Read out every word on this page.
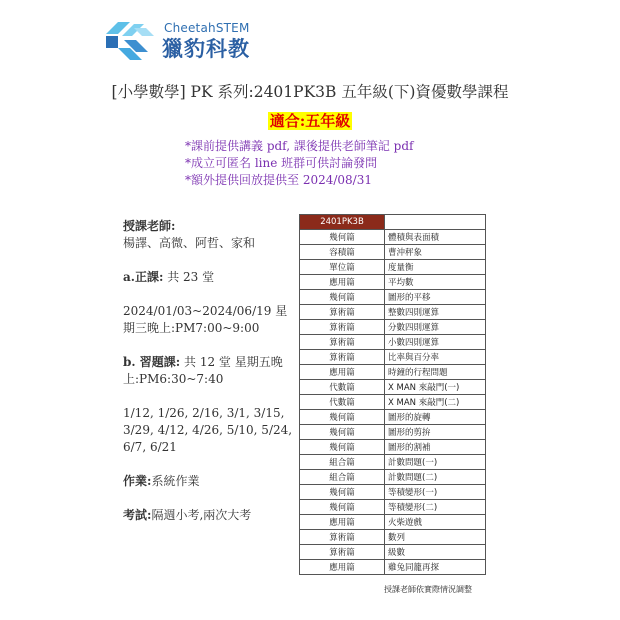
CheetahSTEM
獵豹科教
[小學數學] PK 系列:2401PK3B 五年級(下)資優數學課程
適合:五年級
*課前提供講義 pdf, 課後提供老師筆記 pdf
*成立可匿名 line 班群可供討論發問
*額外提供回放提供至 2024/08/31
授課老師:
楊譯、高微、阿哲、家和
a.正課: 共 23 堂
2024/01/03~2024/06/19 星期三晚上:PM7:00~9:00
b. 習題課: 共 12 堂 星期五晚上:PM6:30~7:40
1/12, 1/26, 2/16, 3/1, 3/15, 3/29, 4/12, 4/26, 5/10, 5/24, 6/7, 6/21
作業:系統作業
考試:隔週小考,兩次大考
2401PK3B	
幾何篇	體積與表面積
容積篇	曹沖秤象
單位篇	度量衡
應用篇	平均數
幾何篇	圖形的平移
算術篇	整數四則運算
算術篇	分數四則運算
算術篇	小數四則運算
算術篇	比率與百分率
應用篇	時鐘的行程問題
代數篇	X MAN 來敲門(一)
代數篇	X MAN 來敲門(二)
幾何篇	圖形的旋轉
幾何篇	圖形的剪拚
幾何篇	圖形的割補
組合篇	計數問題(一)
組合篇	計數問題(二)
幾何篇	等積變形(一)
幾何篇	等積變形(二)
應用篇	火柴遊戲
算術篇	數列
算術篇	級數
應用篇	雞兔同籠再探
授課老師依實際情況調整
